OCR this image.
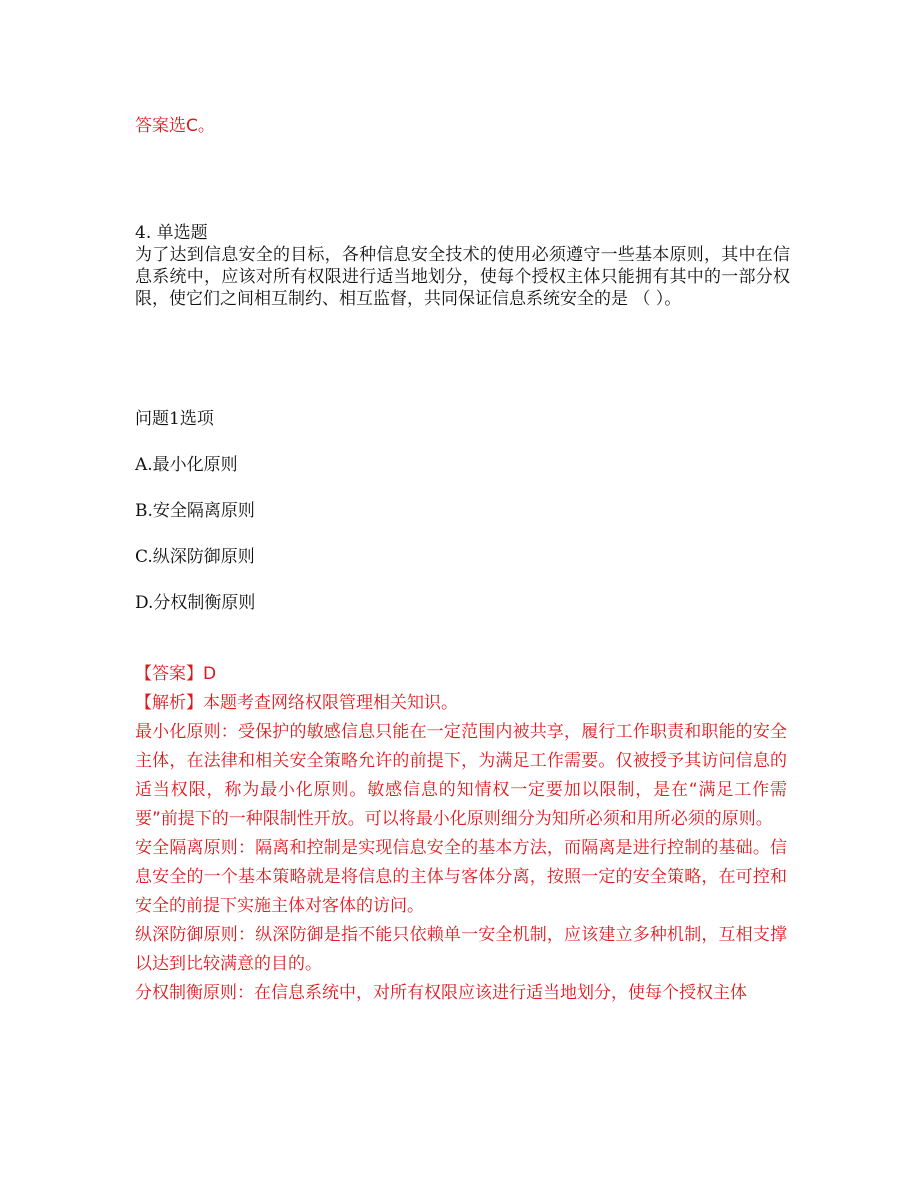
答案选C。

4. 单选题
为了达到信息安全的目标，各种信息安全技术的使用必须遵守一些基本原则，其中在信息系统中，应该对所有权限进行适当地划分，使每个授权主体只能拥有其中的一部分权限，使它们之间相互制约、相互监督，共同保证信息系统安全的是 （ ）。

问题1选项

A.最小化原则

B.安全隔离原则

C.纵深防御原则

D.分权制衡原则

【答案】D

【解析】本题考查网络权限管理相关知识。

最小化原则：受保护的敏感信息只能在一定范围内被共享，履行工作职责和职能的安全主体，在法律和相关安全策略允许的前提下，为满足工作需要。仅被授予其访问信息的适当权限，称为最小化原则。敏感信息的知情权一定要加以限制，是在“满足工作需要”前提下的一种限制性开放。可以将最小化原则细分为知所必须和用所必须的原则。

安全隔离原则：隔离和控制是实现信息安全的基本方法，而隔离是进行控制的基础。信息安全的一个基本策略就是将信息的主体与客体分离，按照一定的安全策略，在可控和安全的前提下实施主体对客体的访问。

纵深防御原则：纵深防御是指不能只依赖单一安全机制，应该建立多种机制，互相支撑以达到比较满意的目的。

分权制衡原则：在信息系统中，对所有权限应该进行适当地划分，使每个授权主体
